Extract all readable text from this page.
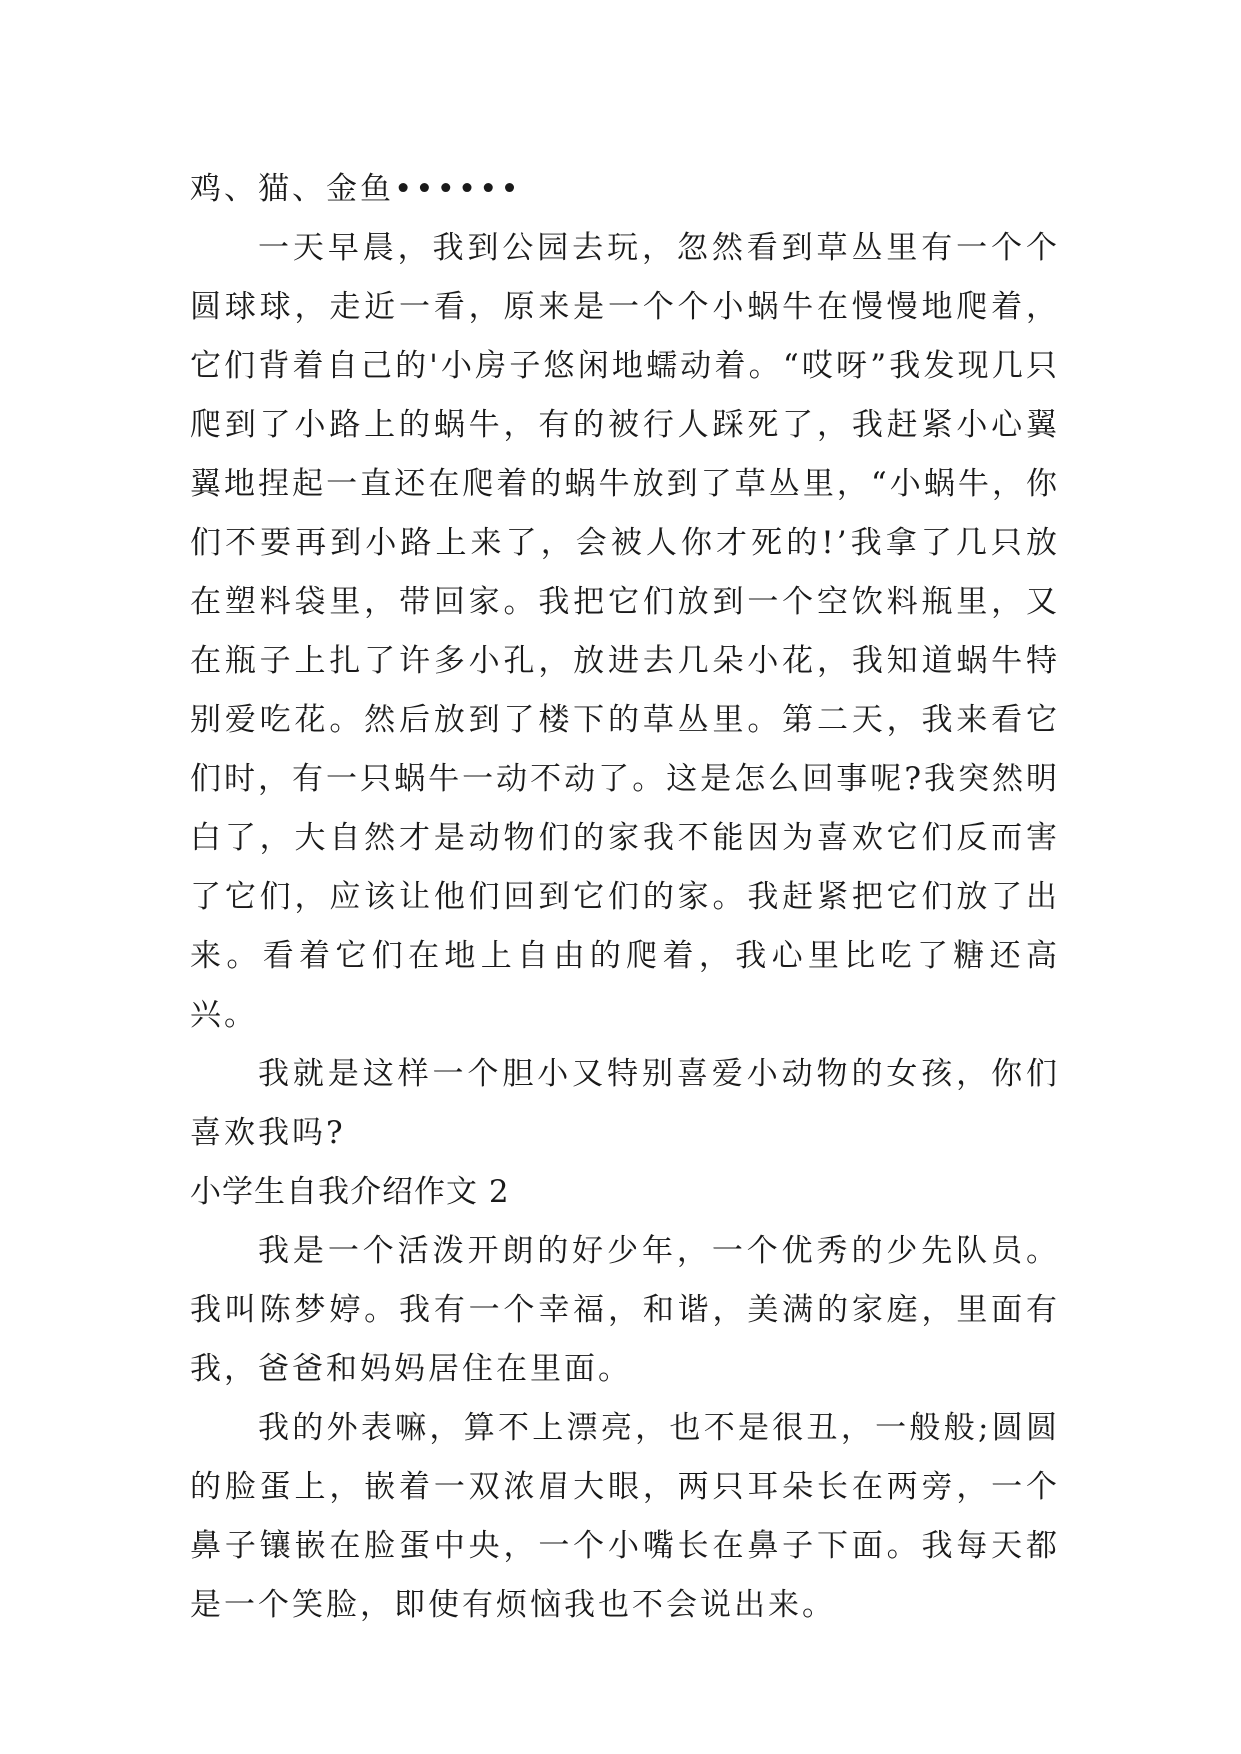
鸡、猫、金鱼••••••

一天早晨，我到公园去玩，忽然看到草丛里有一个个圆球球，走近一看，原来是一个个小蜗牛在慢慢地爬着，它们背着自己的'小房子悠闲地蠕动着。“哎呀”我发现几只爬到了小路上的蜗牛，有的被行人踩死了，我赶紧小心翼翼地捏起一直还在爬着的蜗牛放到了草丛里，“小蜗牛，你们不要再到小路上来了，会被人你才死的!’我拿了几只放在塑料袋里，带回家。我把它们放到一个空饮料瓶里，又在瓶子上扎了许多小孔，放进去几朵小花，我知道蜗牛特别爱吃花。然后放到了楼下的草丛里。第二天，我来看它们时，有一只蜗牛一动不动了。这是怎么回事呢?我突然明白了，大自然才是动物们的家我不能因为喜欢它们反而害了它们，应该让他们回到它们的家。我赶紧把它们放了出来。看着它们在地上自由的爬着，我心里比吃了糖还高兴。

我就是这样一个胆小又特别喜爱小动物的女孩，你们喜欢我吗?

小学生自我介绍作文 2

我是一个活泼开朗的好少年，一个优秀的少先队员。我叫陈梦婷。我有一个幸福，和谐，美满的家庭，里面有我，爸爸和妈妈居住在里面。

我的外表嘛，算不上漂亮，也不是很丑，一般般;圆圆的脸蛋上，嵌着一双浓眉大眼，两只耳朵长在两旁，一个鼻子镶嵌在脸蛋中央，一个小嘴长在鼻子下面。我每天都是一个笑脸，即使有烦恼我也不会说出来。
